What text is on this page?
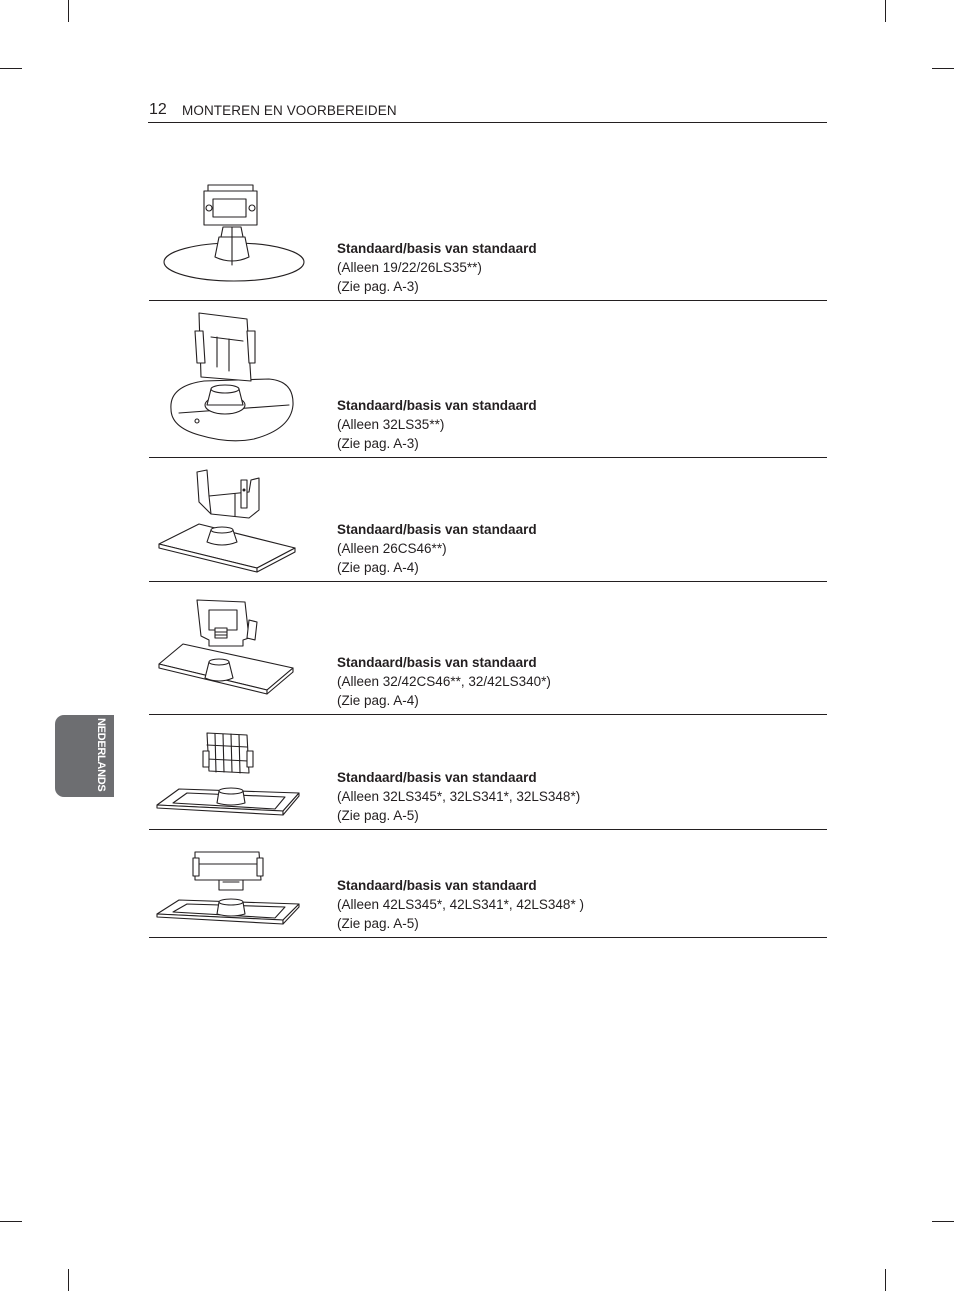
12 MONTEREN EN VOORBEREIDEN
NEDERLANDS
Standaard/basis van standaard
(Alleen 19/22/26LS35**)
(Zie pag. A-3)
Standaard/basis van standaard
(Alleen 32LS35**)
(Zie pag. A-3)
Standaard/basis van standaard
(Alleen 26CS46**)
(Zie pag. A-4)
Standaard/basis van standaard
(Alleen 32/42CS46**, 32/42LS340*)
(Zie pag. A-4)
Standaard/basis van standaard
(Alleen 32LS345*, 32LS341*, 32LS348*)
(Zie pag. A-5)
Standaard/basis van standaard
(Alleen 42LS345*, 42LS341*, 42LS348* )
(Zie pag. A-5)
